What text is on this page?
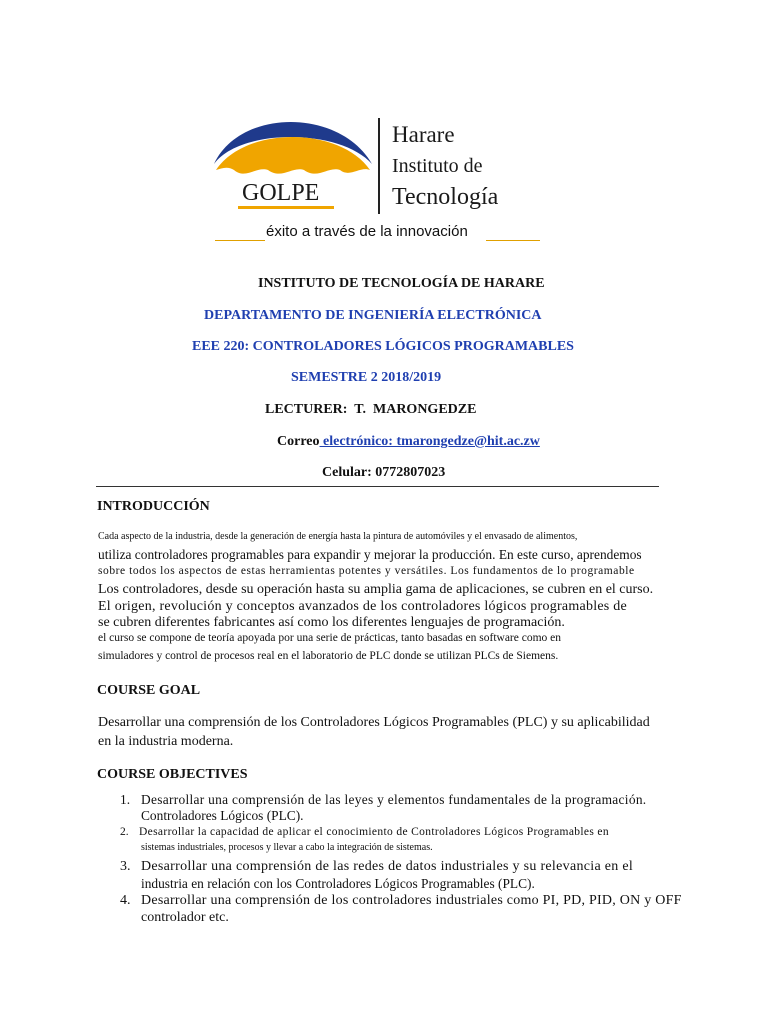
GOLPE
Harare
Instituto de
Tecnología
éxito a través de la innovación
INSTITUTO DE TECNOLOGÍA DE HARARE
DEPARTAMENTO DE INGENIERÍA ELECTRÓNICA
EEE 220: CONTROLADORES LÓGICOS PROGRAMABLES
SEMESTRE 2 2018/2019
LECTURER:  T.  MARONGEDZE
Correo electrónico: tmarongedze@hit.ac.zw
Celular: 0772807023
INTRODUCCIÓN
Cada aspecto de la industria, desde la generación de energía hasta la pintura de automóviles y el envasado de alimentos,
utiliza controladores programables para expandir y mejorar la producción. En este curso, aprendemos
sobre todos los aspectos de estas herramientas potentes y versátiles. Los fundamentos de lo programable
Los controladores, desde su operación hasta su amplia gama de aplicaciones, se cubren en el curso.
El origen, revolución y conceptos avanzados de los controladores lógicos programables de
se cubren diferentes fabricantes así como los diferentes lenguajes de programación.
el curso se compone de teoría apoyada por una serie de prácticas, tanto basadas en software como en
simuladores y control de procesos real en el laboratorio de PLC donde se utilizan PLCs de Siemens.
COURSE GOAL
Desarrollar una comprensión de los Controladores Lógicos Programables (PLC) y su aplicabilidad
en la industria moderna.
COURSE OBJECTIVES
1. Desarrollar una comprensión de las leyes y elementos fundamentales de la programación.
Controladores Lógicos (PLC).
2. Desarrollar la capacidad de aplicar el conocimiento de Controladores Lógicos Programables en
sistemas industriales, procesos y llevar a cabo la integración de sistemas.
3. Desarrollar una comprensión de las redes de datos industriales y su relevancia en el
industria en relación con los Controladores Lógicos Programables (PLC).
4. Desarrollar una comprensión de los controladores industriales como PI, PD, PID, ON y OFF
controlador etc.
